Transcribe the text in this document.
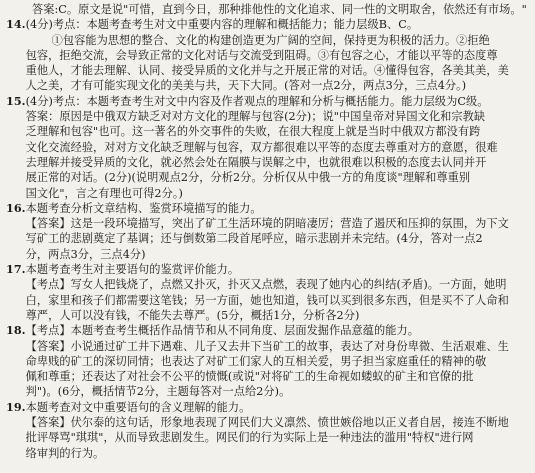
答案:C。原文是说"可惜，直到今日，那种排他性的文化追求、同一性的文明取舍，依然还有市场。"

14. (4分)考点：本题考查考生对文中重要内容的理解和概括能力；能力层级B、C。

①包容能为思想的整合、文化的构建创造更为广阔的空间，保持更为积极的活力。②拒绝

包容，拒绝交流，会导致正常的文化对话与交流受到阻碍。③有包容之心，才能以平等的态度尊

重他人，才能去理解、认同、接受异质的文化并与之开展正常的对话。④懂得包容，各美其美，美

人之美，才有可能实现文化的美美与共，天下大同。(答对一点2分，两点3分，三点4分。)

15. (4分)考点：本题考查考生对文中内容及作者观点的理解和分析与概括能力。能力层级为C级。

答案：原因是中俄双方缺乏对对方文化的理解与包容(2分)；说"中国皇帝对异国文化和宗教缺

乏理解和包容"也可。这一著名的外交事件的失败，在很大程度上就是当时中俄双方都没有跨

文化交流经验，对对方文化缺乏理解与包容，双方都很难以平等的态度去尊重对方的意愿，很难

去理解并接受异质的文化，就必然会处在隔膜与误解之中，也就很难以积极的态度去认同并开

展正常的对话。(2分)(说明观点2分，分析2分。分析仅从中俄一方的角度谈"理解和尊重别

国文化"，言之有理也可得2分。)

16. 本题考查分析文章结构、鉴赏环境描写的能力。

【答案】这是一段环境描写，突出了矿工生活环境的阴暗凄厉；营造了遏厌和压抑的氛围，为下文

写矿工的悲剧奠定了基调；还与倒数第二段首尾呼应，暗示悲剧并未完结。(4分，答对一点2

分，两点3分，三点4分)

17. 本题考查考生对主要语句的鉴赏评价能力。

【考点】写女人把钱烧了，点燃又扑灭，扑灭又点燃，表现了她内心的纠结(矛盾)。一方面，她明

白，家里和孩子们都需要这笔钱；另一方面，她也知道，钱可以买到很多东西，但是买不了人命和

尊严，人可以没有钱，不能失去尊严。(5分，概括1分，分析各2分)

18. 【考点】本题考查考生概括作品情节和从不同角度、层面发掘作品意蕴的能力。

【答案】小说通过矿工井下遇难、儿子又去井下当矿工的故事，表达了对身份卑微、生活艰难、生

命卑贱的矿工的深切同情；也表达了对矿工们家人的互相关爱，男子担当家庭重任的精神的敬

佩和尊重；还表达了对社会不公平的愤慨(或说"对将矿工的生命视如蝼蚁的矿主和官僚的批

判")。(6分，概括情节2分，主题每答对一点给2分)。

19. 本题考查对文中重要语句的含义理解的能力。

【答案】伏尔泰的这句话，形象地表现了网民们大义凛然、愤世嫉俗地以正义者自居，接连不断地

批评辱骂"琪琪"，从而导致悲剧发生。网民们的行为实际上是一种违法的滥用"特权"进行网

络审判的行为。
